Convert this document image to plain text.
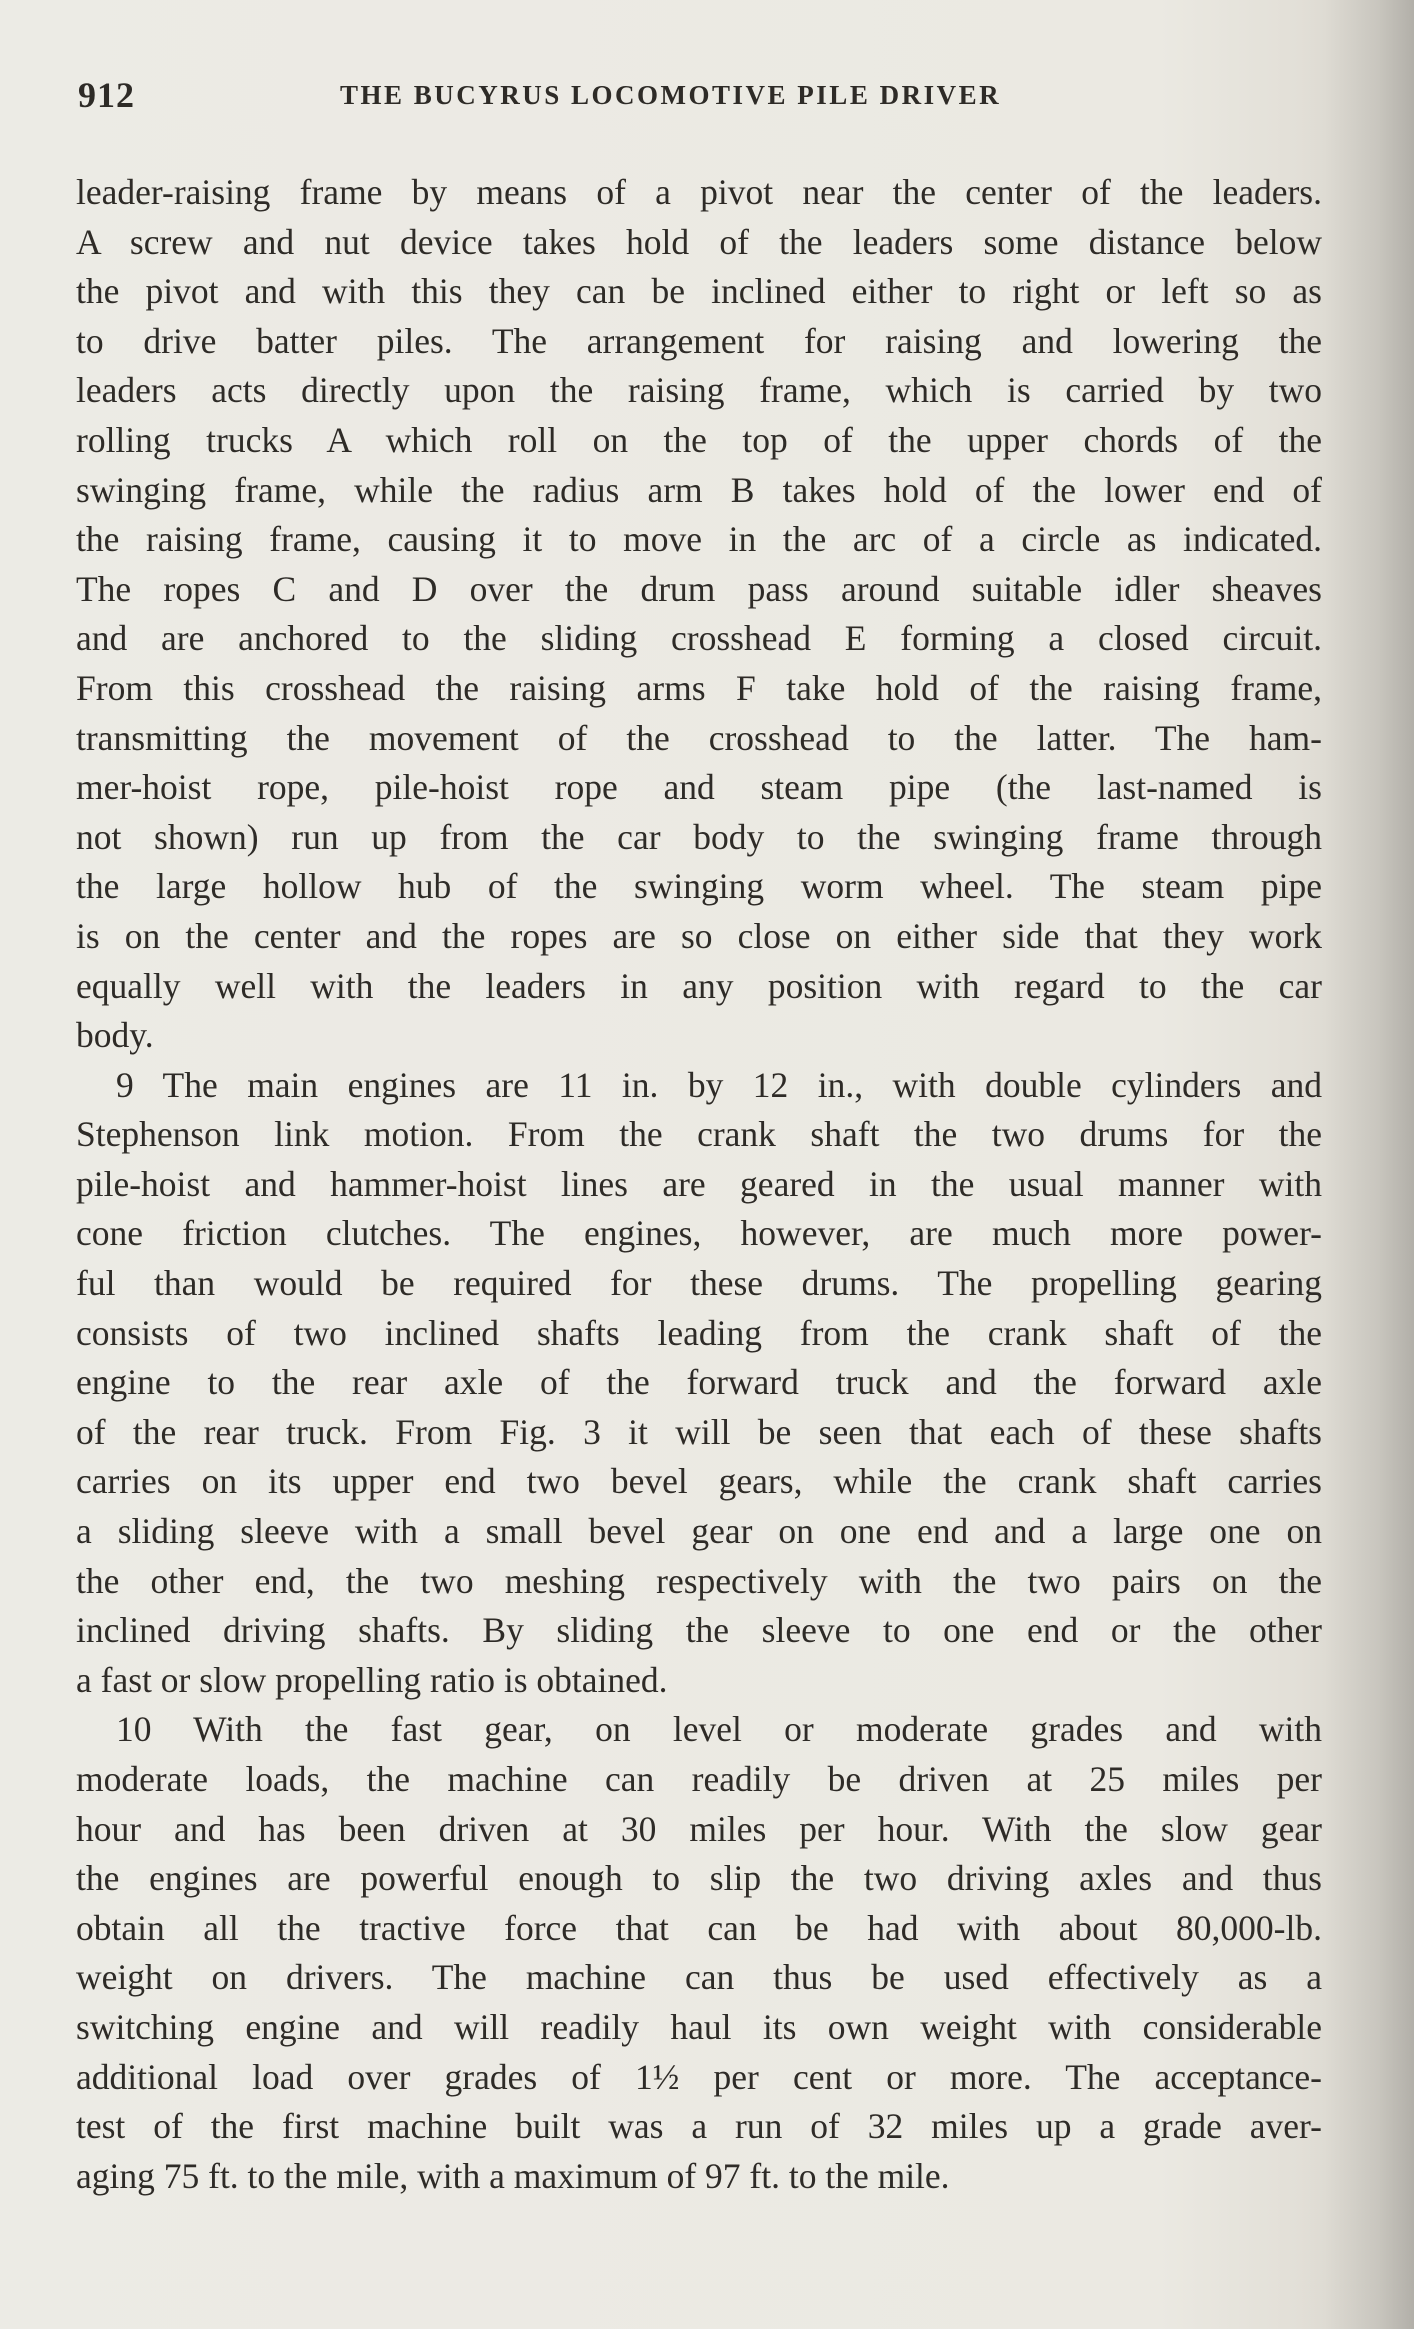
912	THE BUCYRUS LOCOMOTIVE PILE DRIVER
leader-raising frame by means of a pivot near the center of the leaders.
A screw and nut device takes hold of the leaders some distance below
the pivot and with this they can be inclined either to right or left so as
to drive batter piles. The arrangement for raising and lowering the
leaders acts directly upon the raising frame, which is carried by two
rolling trucks A which roll on the top of the upper chords of the
swinging frame, while the radius arm B takes hold of the lower end of
the raising frame, causing it to move in the arc of a circle as indicated.
The ropes C and D over the drum pass around suitable idler sheaves
and are anchored to the sliding crosshead E forming a closed circuit.
From this crosshead the raising arms F take hold of the raising frame,
transmitting the movement of the crosshead to the latter. The ham-
mer-hoist rope, pile-hoist rope and steam pipe (the last-named is
not shown) run up from the car body to the swinging frame through
the large hollow hub of the swinging worm wheel. The steam pipe
is on the center and the ropes are so close on either side that they work
equally well with the leaders in any position with regard to the car
body.
9 The main engines are 11 in. by 12 in., with double cylinders and
Stephenson link motion. From the crank shaft the two drums for the
pile-hoist and hammer-hoist lines are geared in the usual manner with
cone friction clutches. The engines, however, are much more power-
ful than would be required for these drums. The propelling gearing
consists of two inclined shafts leading from the crank shaft of the
engine to the rear axle of the forward truck and the forward axle
of the rear truck. From Fig. 3 it will be seen that each of these shafts
carries on its upper end two bevel gears, while the crank shaft carries
a sliding sleeve with a small bevel gear on one end and a large one on
the other end, the two meshing respectively with the two pairs on the
inclined driving shafts. By sliding the sleeve to one end or the other
a fast or slow propelling ratio is obtained.
10 With the fast gear, on level or moderate grades and with
moderate loads, the machine can readily be driven at 25 miles per
hour and has been driven at 30 miles per hour. With the slow gear
the engines are powerful enough to slip the two driving axles and thus
obtain all the tractive force that can be had with about 80,000-lb.
weight on drivers. The machine can thus be used effectively as a
switching engine and will readily haul its own weight with considerable
additional load over grades of 1½ per cent or more. The acceptance-
test of the first machine built was a run of 32 miles up a grade aver-
aging 75 ft. to the mile, with a maximum of 97 ft. to the mile.
